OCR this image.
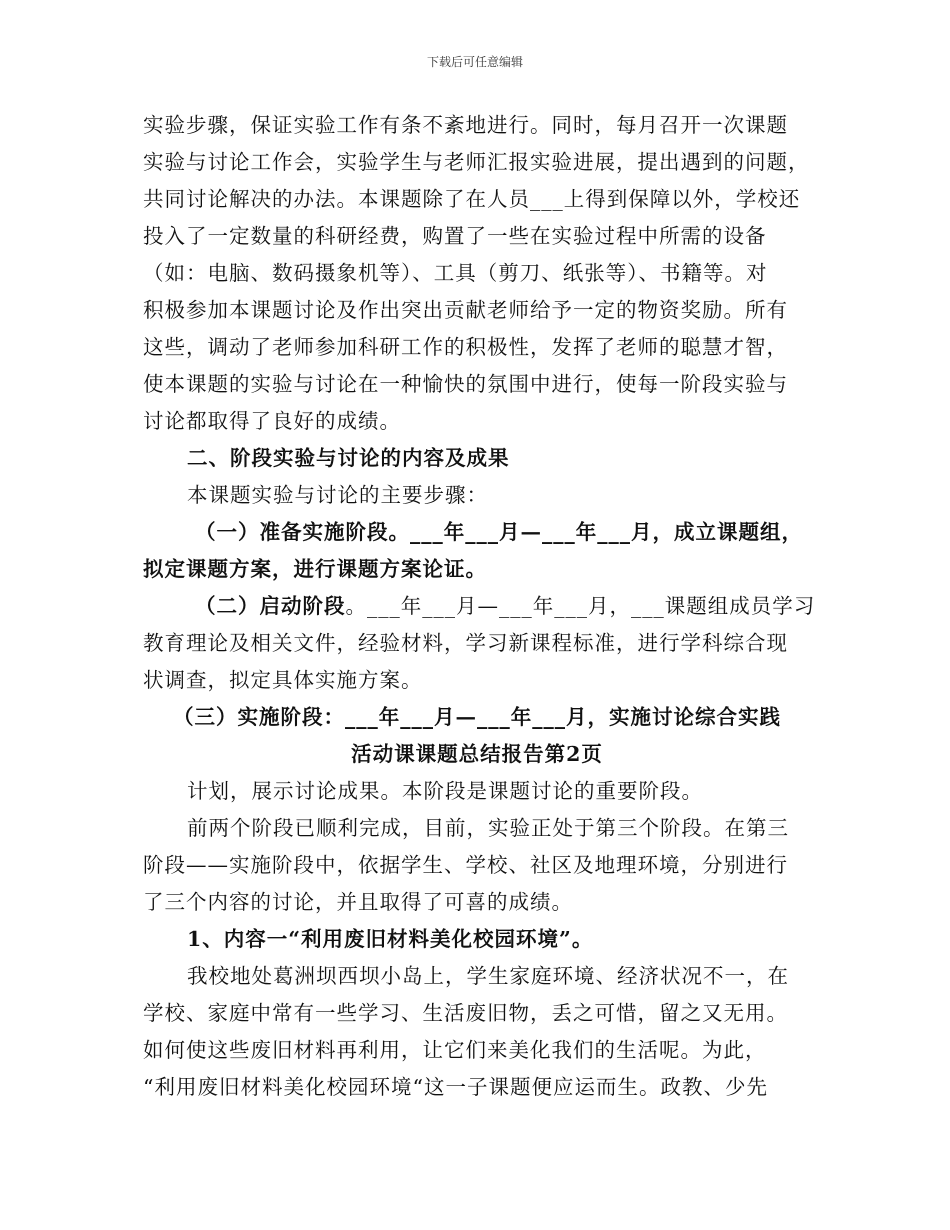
下载后可任意编辑
实验步骤，保证实验工作有条不紊地进行。同时，每月召开一次课题
实验与讨论工作会，实验学生与老师汇报实验进展，提出遇到的问题，
共同讨论解决的办法。本课题除了在人员___上得到保障以外，学校还
投入了一定数量的科研经费，购置了一些在实验过程中所需的设备
（如：电脑、数码摄象机等）、工具（剪刀、纸张等）、书籍等。对
积极参加本课题讨论及作出突出贡献老师给予一定的物资奖励。所有
这些，调动了老师参加科研工作的积极性，发挥了老师的聪慧才智，
使本课题的实验与讨论在一种愉快的氛围中进行，使每一阶段实验与
讨论都取得了良好的成绩。
二、阶段实验与讨论的内容及成果
本课题实验与讨论的主要步骤：
（一）准备实施阶段。___年___月—___年___月，成立课题组，
拟定课题方案，进行课题方案论证。
（二）启动阶段。___年___月—___年___月，___课题组成员学习
教育理论及相关文件，经验材料，学习新课程标准，进行学科综合现
状调查，拟定具体实施方案。
（三）实施阶段：___年___月—___年___月，实施讨论综合实践
活动课课题总结报告第2页
计划，展示讨论成果。本阶段是课题讨论的重要阶段。
前两个阶段已顺利完成，目前，实验正处于第三个阶段。在第三
阶段——实施阶段中，依据学生、学校、社区及地理环境，分别进行
了三个内容的讨论，并且取得了可喜的成绩。
1、内容一“利用废旧材料美化校园环境”。
我校地处葛洲坝西坝小岛上，学生家庭环境、经济状况不一，在
学校、家庭中常有一些学习、生活废旧物，丢之可惜，留之又无用。
如何使这些废旧材料再利用，让它们来美化我们的生活呢。为此，
“利用废旧材料美化校园环境“这一子课题便应运而生。政教、少先
